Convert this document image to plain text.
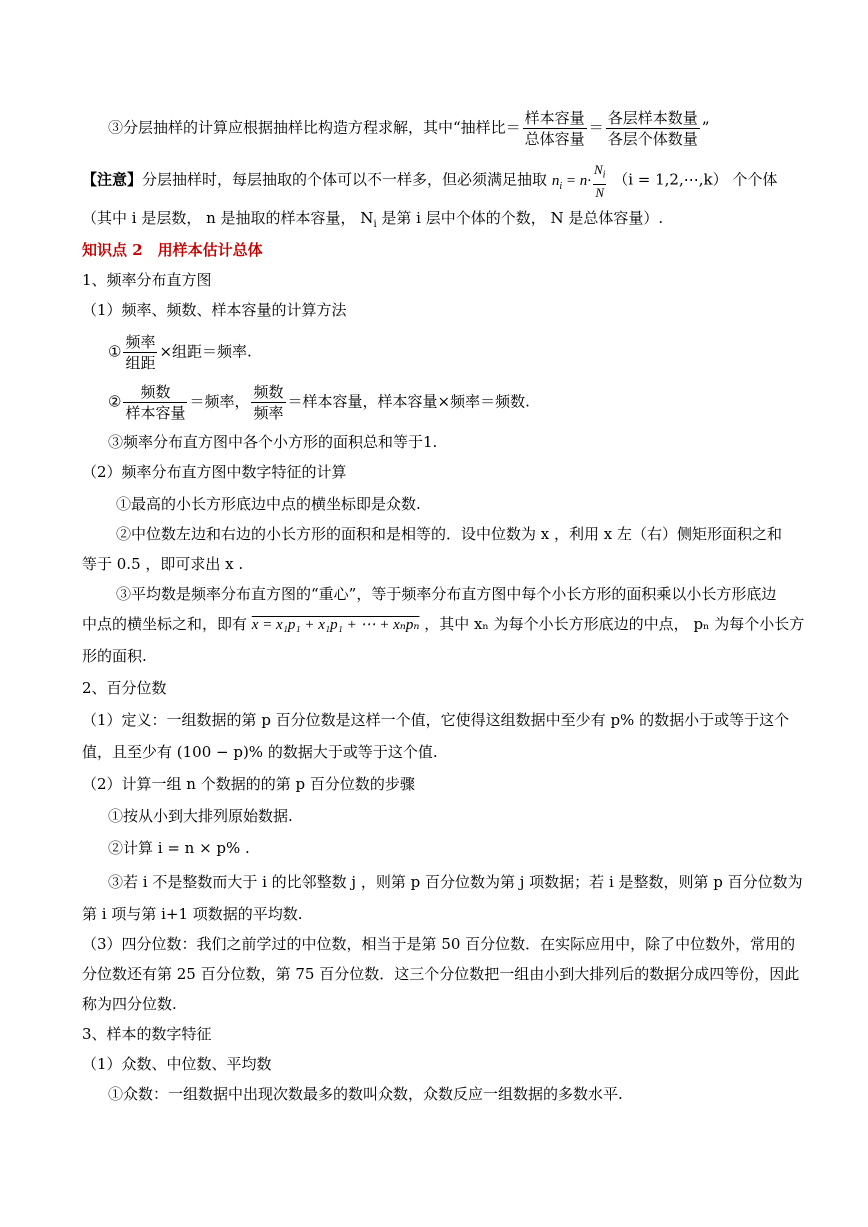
③分层抽样的计算应根据抽样比构造方程求解，其中“抽样比＝ $\frac{\text{样本容量}}{\text{总体容量}} = \frac{\text{各层样本数量}}{\text{各层个体数量}}$ ”
【注意】分层抽样时，每层抽取的个体可以不一样多，但必须满足抽取 $n_i = n\cdot \frac{N_i}{N} (i$ = 1,2,⋯,k） 个个体
（其中 i 是层数， n 是抽取的样本容量， $N_i$ 是第 i 层中个体的个数， N 是总体容量）.
知识点 2　用样本估计总体
1、频率分布直方图
（1）频率、频数、样本容量的计算方法
① $\frac{\text{频率}}{\text{组距}}$ ×组距＝频率.
② $\frac{\text{频数}}{\text{样本容量}}$ ＝频率， $\frac{\text{频数}}{\text{频率}}$ ＝样本容量，样本容量×频率＝频数.
③频率分布直方图中各个小方形的面积总和等于1.
（2）频率分布直方图中数字特征的计算
①最高的小长方形底边中点的横坐标即是众数.
②中位数左边和右边的小长方形的面积和是相等的．设中位数为 x ，利用 x 左（右）侧矩形面积之和
等于 0.5 ，即可求出 x .
③平均数是频率分布直方图的“重心”，等于频率分布直方图中每个小长方形的面积乘以小长方形底边
中点的横坐标之和，即有 x = x₁p₁ + x₁p₁ + ⋯ + xₙpₙ ，其中 xₙ 为每个小长方形底边的中点， pₙ 为每个小长方
形的面积.
2、百分位数
（1）定义：一组数据的第 p 百分位数是这样一个值，它使得这组数据中至少有 p% 的数据小于或等于这个
值，且至少有 (100 − p)% 的数据大于或等于这个值.
（2）计算一组 n 个数据的的第 p 百分位数的步骤
①按从小到大排列原始数据.
②计算 i = n × p% .
③若 i 不是整数而大于 i 的比邻整数 j ，则第 p 百分位数为第 j 项数据；若 i 是整数，则第 p 百分位数为
第 i 项与第 i+1 项数据的平均数.
（3）四分位数：我们之前学过的中位数，相当于是第 50 百分位数．在实际应用中，除了中位数外，常用的
分位数还有第 25 百分位数，第 75 百分位数．这三个分位数把一组由小到大排列后的数据分成四等份，因此
称为四分位数.
3、样本的数字特征
（1）众数、中位数、平均数
①众数：一组数据中出现次数最多的数叫众数，众数反应一组数据的多数水平.
